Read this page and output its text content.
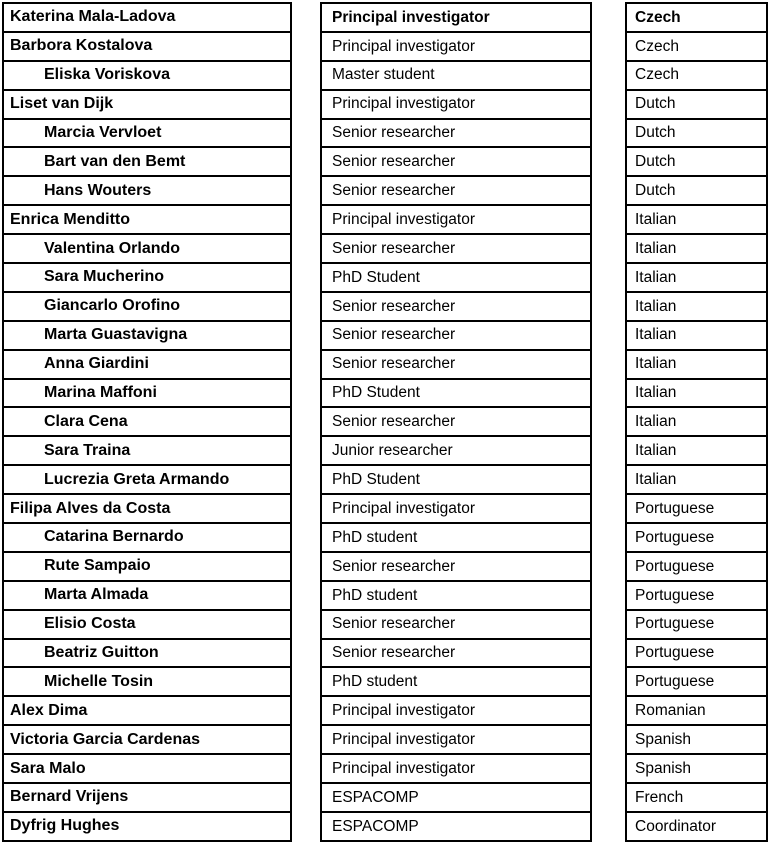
Katerina Mala-Ladova
Barbora Kostalova
Eliska Voriskova
Liset van Dijk
Marcia Vervloet
Bart van den Bemt
Hans Wouters
Enrica Menditto
Valentina Orlando
Sara Mucherino
Giancarlo Orofino
Marta Guastavigna
Anna Giardini
Marina Maffoni
Clara Cena
Sara Traina
Lucrezia Greta Armando
Filipa Alves da Costa
Catarina Bernardo
Rute Sampaio
Marta Almada
Elisio Costa
Beatriz Guitton
Michelle Tosin
Alex Dima
Victoria Garcia Cardenas
Sara Malo
Bernard Vrijens
Dyfrig Hughes
Principal investigator
Principal investigator
Master student
Principal investigator
Senior researcher
Senior researcher
Senior researcher
Principal investigator
Senior researcher
PhD Student
Senior researcher
Senior researcher
Senior researcher
PhD Student
Senior researcher
Junior researcher
PhD Student
Principal investigator
PhD student
Senior researcher
PhD student
Senior researcher
Senior researcher
PhD student
Principal investigator
Principal investigator
Principal investigator
ESPACOMP
ESPACOMP
Czech
Czech
Czech
Dutch
Dutch
Dutch
Dutch
Italian
Italian
Italian
Italian
Italian
Italian
Italian
Italian
Italian
Italian
Portuguese
Portuguese
Portuguese
Portuguese
Portuguese
Portuguese
Portuguese
Romanian
Spanish
Spanish
French
Coordinator
